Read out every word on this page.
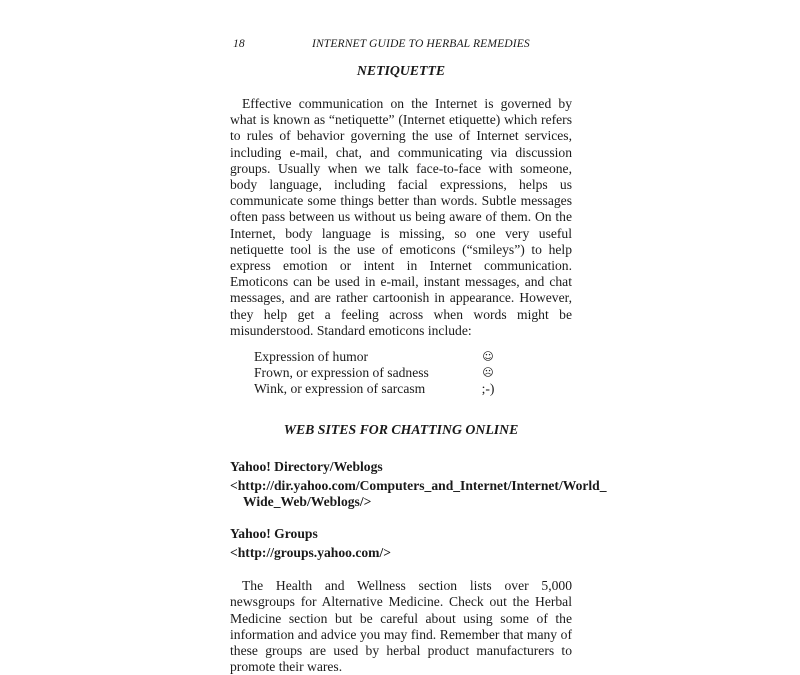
18	INTERNET GUIDE TO HERBAL REMEDIES
NETIQUETTE

Effective communication on the Internet is governed by what is known as “netiquette” (Internet etiquette) which refers to rules of behavior governing the use of Internet services, including e-mail, chat, and communicating via discussion groups. Usually when we talk face-to-face with someone, body language, including facial expressions, helps us communicate some things better than words. Subtle messages often pass between us without us being aware of them. On the Internet, body language is missing, so one very useful netiquette tool is the use of emoticons (“smileys”) to help express emotion or intent in Internet communication. Emoticons can be used in e-mail, instant messages, and chat messages, and are rather cartoonish in appearance. However, they help get a feeling across when words might be misunderstood. Standard emoticons include:

Expression of humor	☺
Frown, or expression of sadness	☹
Wink, or expression of sarcasm	;-)
WEB SITES FOR CHATTING ONLINE
Yahoo! Directory/Weblogs
<http://dir.yahoo.com/Computers_and_Internet/Internet/World_ Wide_Web/Weblogs/>
Yahoo! Groups
<http://groups.yahoo.com/>

The Health and Wellness section lists over 5,000 newsgroups for Alternative Medicine. Check out the Herbal Medicine section but be careful about using some of the information and advice you may find. Remember that many of these groups are used by herbal product manufacturers to promote their wares.
